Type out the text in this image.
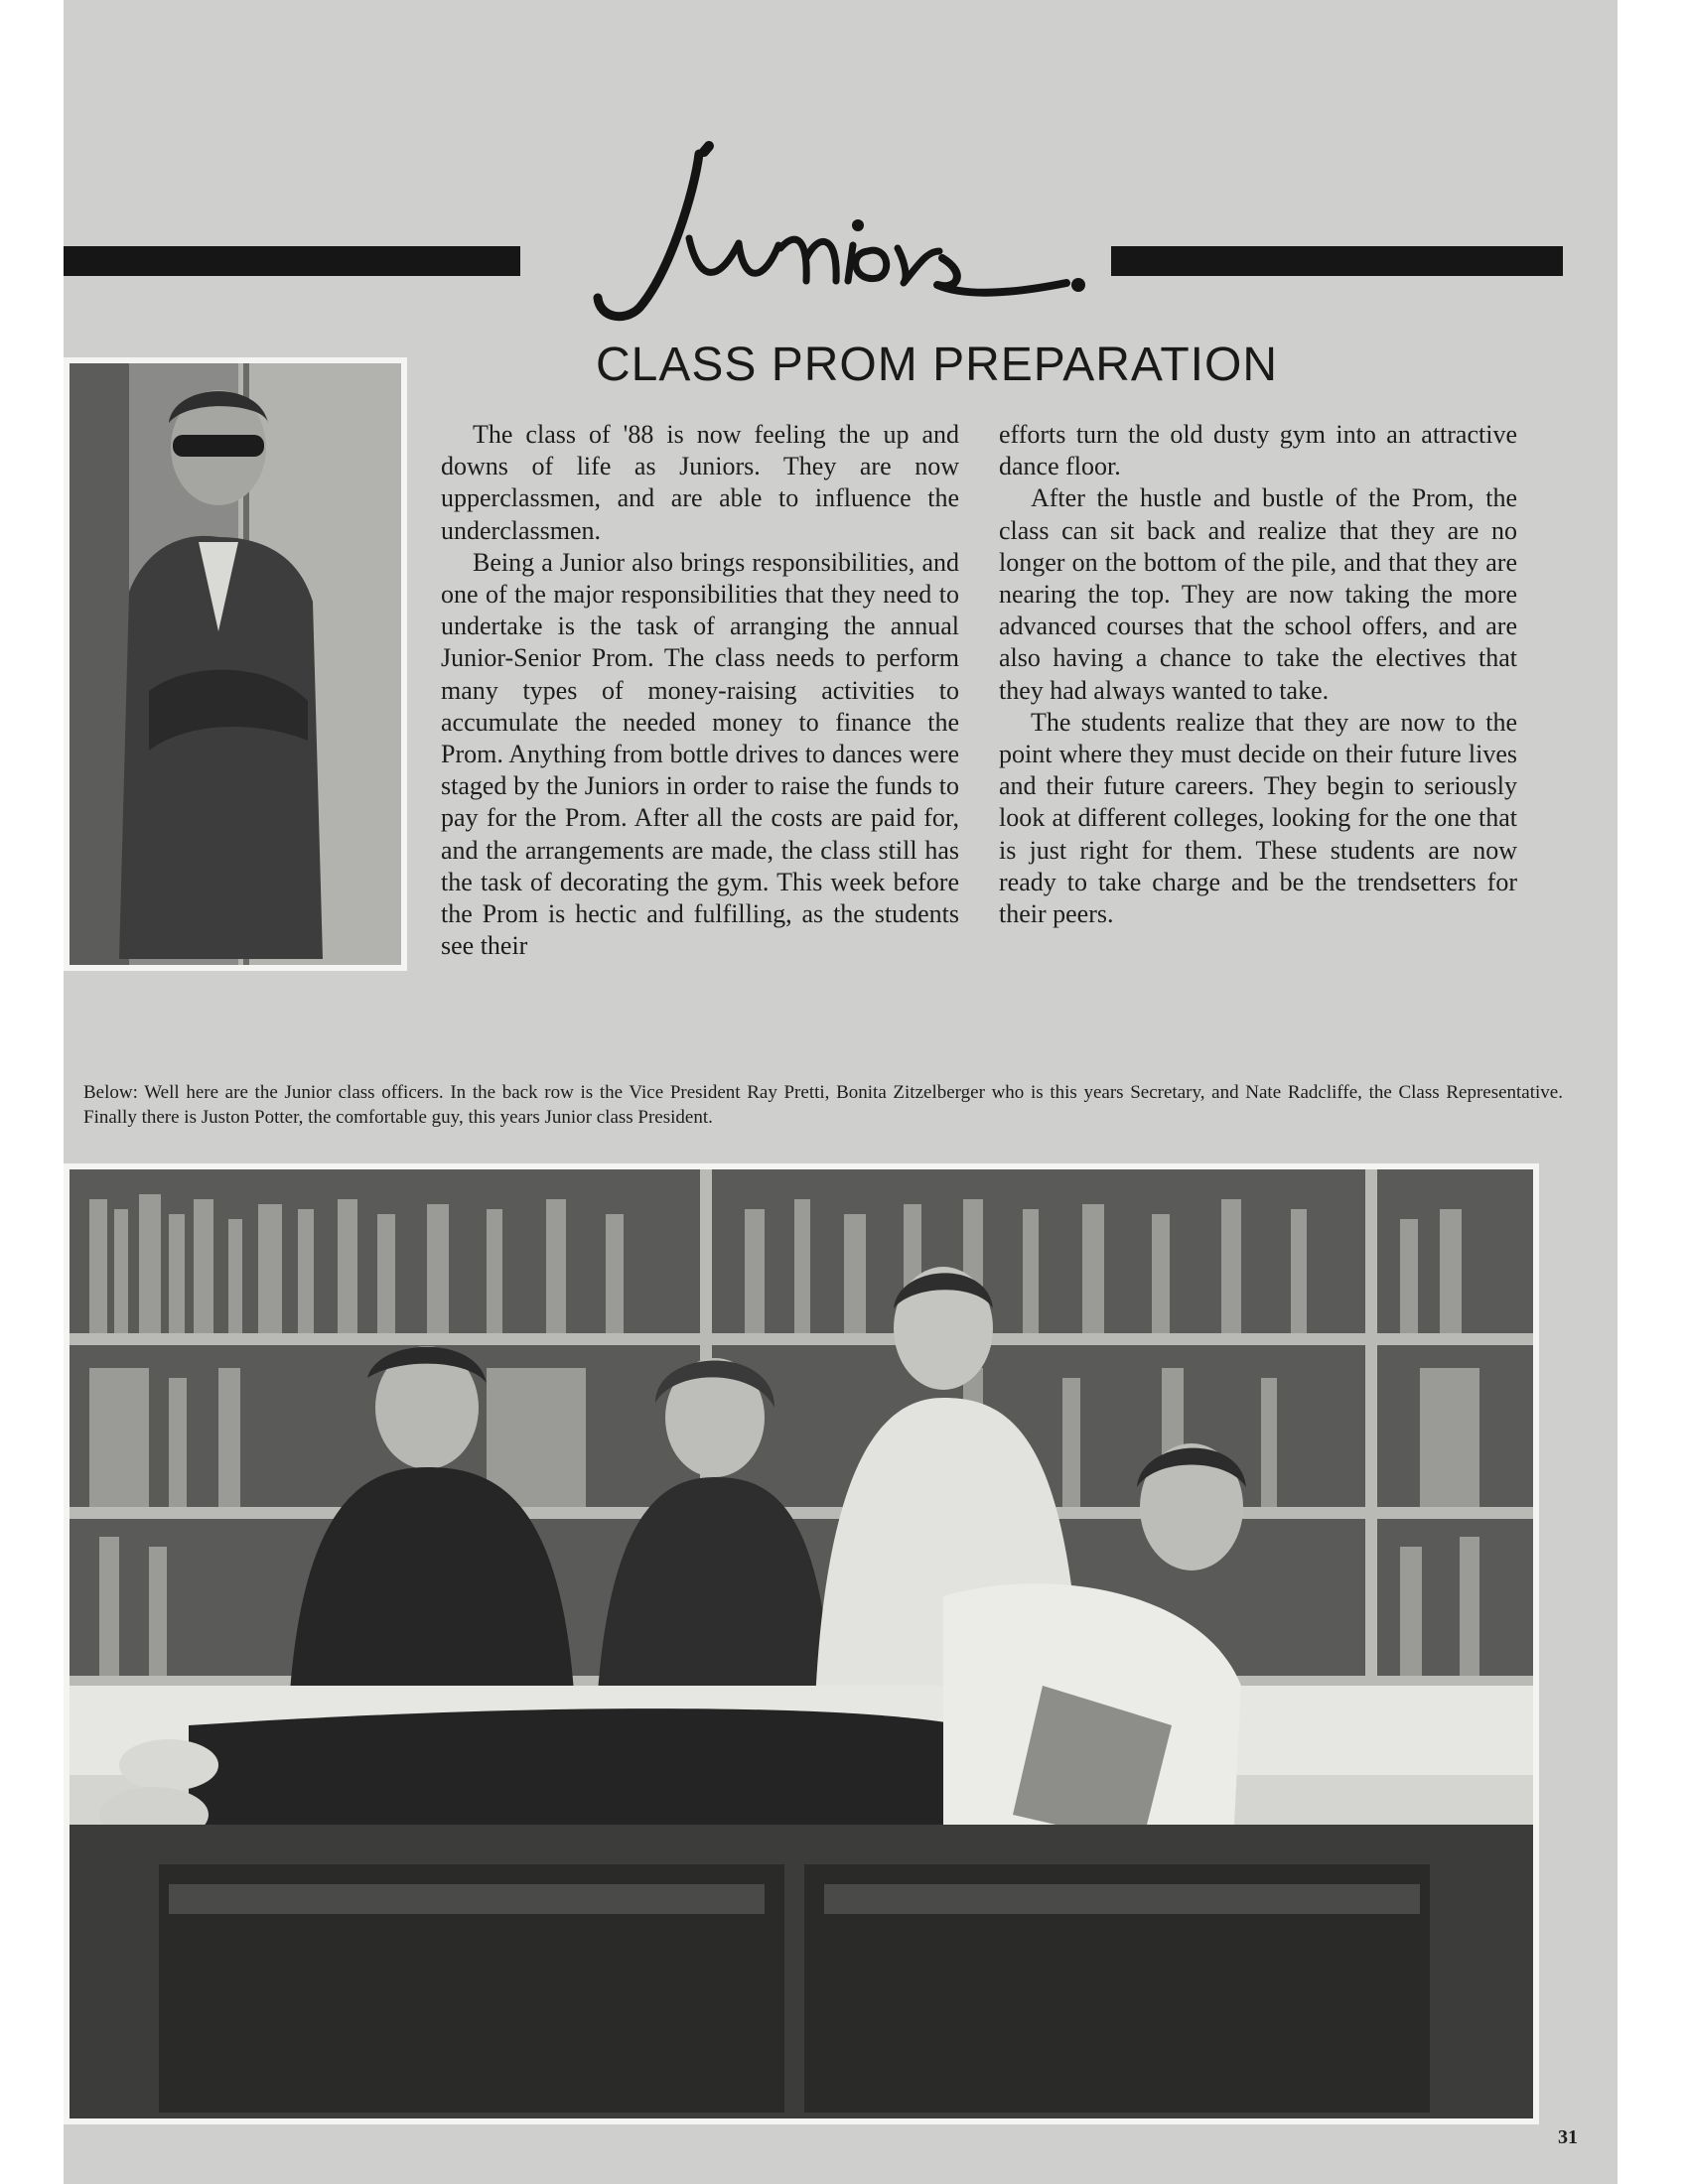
CLASS PROM PREPARATION

The class of '88 is now feeling the up and downs of life as Juniors. They are now upperclassmen, and are able to influence the underclassmen.

Being a Junior also brings responsibilities, and one of the major responsibilities that they need to undertake is the task of arranging the annual Junior-Senior Prom. The class needs to perform many types of money-raising activities to accumulate the needed money to finance the Prom. Anything from bottle drives to dances were staged by the Juniors in order to raise the funds to pay for the Prom. After all the costs are paid for, and the arrangements are made, the class still has the task of decorating the gym. This week before the Prom is hectic and fulfilling, as the students see their

efforts turn the old dusty gym into an attractive dance floor.

After the hustle and bustle of the Prom, the class can sit back and realize that they are no longer on the bottom of the pile, and that they are nearing the top. They are now taking the more advanced courses that the school offers, and are also having a chance to take the electives that they had always wanted to take.

The students realize that they are now to the point where they must decide on their future lives and their future careers. They begin to seriously look at different colleges, looking for the one that is just right for them. These students are now ready to take charge and be the trendsetters for their peers.

Below: Well here are the Junior class officers. In the back row is the Vice President Ray Pretti, Bonita Zitzelberger who is this years Secretary, and Nate Radcliffe, the Class Representative. Finally there is Juston Potter, the comfortable guy, this years Junior class President.
31
